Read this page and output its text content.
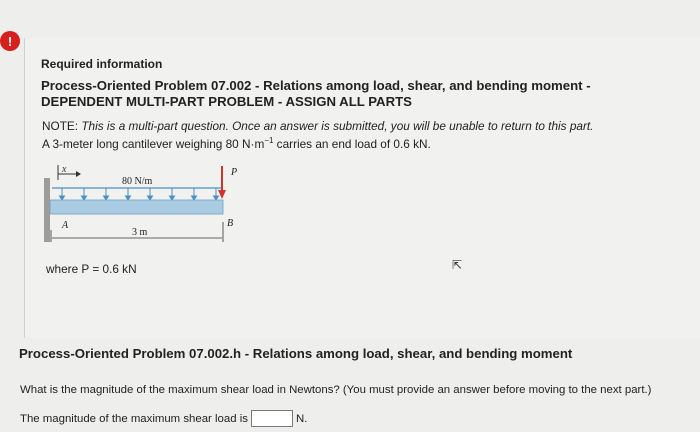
!
Required information
Process-Oriented Problem 07.002 - Relations among load, shear, and bending moment - DEPENDENT MULTI-PART PROBLEM - ASSIGN ALL PARTS
NOTE: This is a multi-part question. Once an answer is submitted, you will be unable to return to this part.
A 3-meter long cantilever weighing 80 $N\cdot m^{-1}$ carries an end load of 0.6 kN.
x
80 N/m
P
A	B
3 m
where P = 0.6 kN	⇱
Process-Oriented Problem 07.002.h - Relations among load, shear, and bending moment
What is the magnitude of the maximum shear load in Newtons? (You must provide an answer before moving to the next part.)
The magnitude of the maximum shear load is	N.
